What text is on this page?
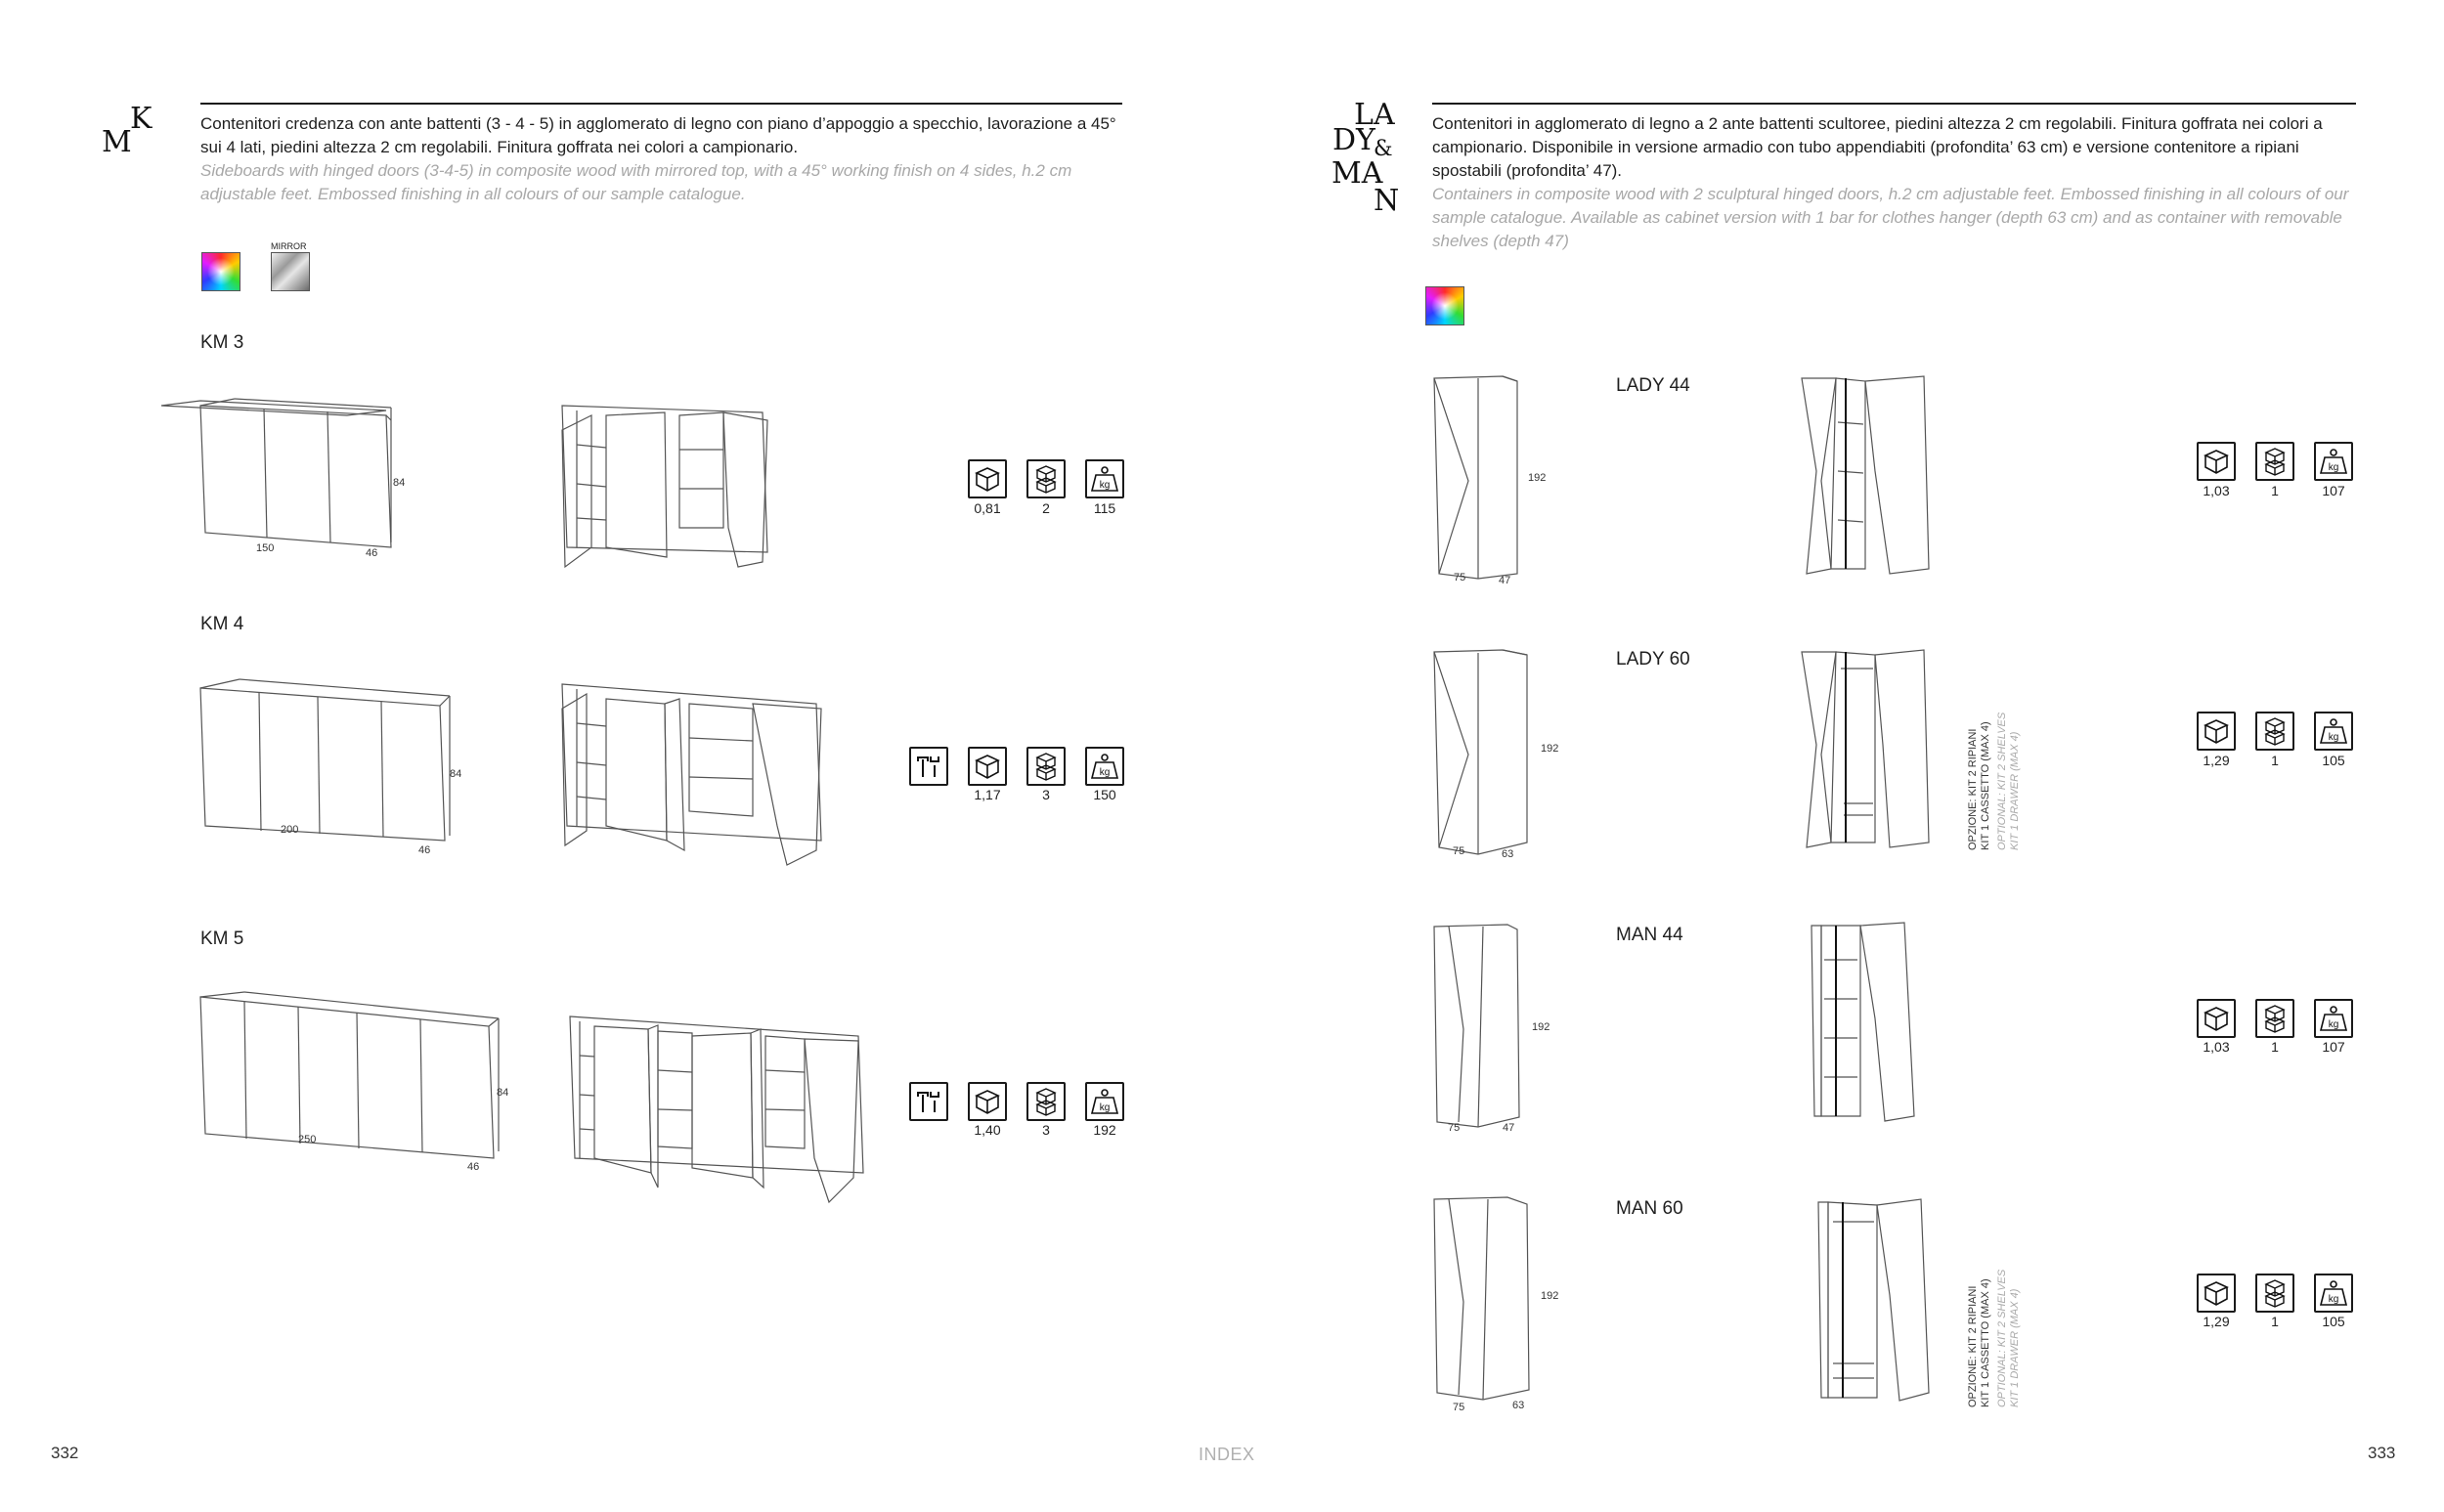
K
M
Contenitori credenza con ante battenti (3 - 4 - 5) in agglomerato di legno con piano d’appoggio a specchio, lavorazione a 45° sui 4 lati, piedini altezza 2 cm regolabili. Finitura goffrata nei colori a campionario.
Sideboards with hinged doors (3-4-5) in composite wood with mirrored top, with a 45° working finish on 4 sides, h.2 cm adjustable feet. Embossed finishing in all colours of our sample catalogue.
MIRROR
KM 3
84
150	46
0,81	2
kg
115
KM 4
84
200
46
1,17	3
kg
150
KM 5
84
250
46
1,40	3
kg
192
332	INDEX
L A
DY
&
MA
N
Contenitori in agglomerato di legno a 2 ante battenti scultoree, piedini altezza 2 cm regolabili. Finitura goffrata nei colori a campionario. Disponibile in versione armadio con tubo appendiabiti (profondita’ 63 cm) e versione contenitore a ripiani spostabili (profondita’ 47).
Containers in composite wood with 2 sculptural hinged doors, h.2 cm adjustable feet. Embossed finishing in all colours of our sample catalogue. Available as cabinet version with 1 bar for clothes hanger (depth 63 cm) and as container with removable shelves (depth 47)
192
75	47
LADY 44
1,03	1
kg
107
192
75	63
LADY 60
OPZIONE: KIT 2 RIPIANI KIT 1 CASSETTO (MAX 4) OPTIONAL: KIT 2 SHELVES KIT 1 DRAWER (MAX 4)	1,29	1
kg
105
192
75	47
MAN 44
1,03	1
kg
107
192
75	63
MAN 60
OPZIONE: KIT 2 RIPIANI KIT 1 CASSETTO (MAX 4) OPTIONAL: KIT 2 SHELVES KIT 1 DRAWER (MAX 4)	1,29	1
kg
105
333
